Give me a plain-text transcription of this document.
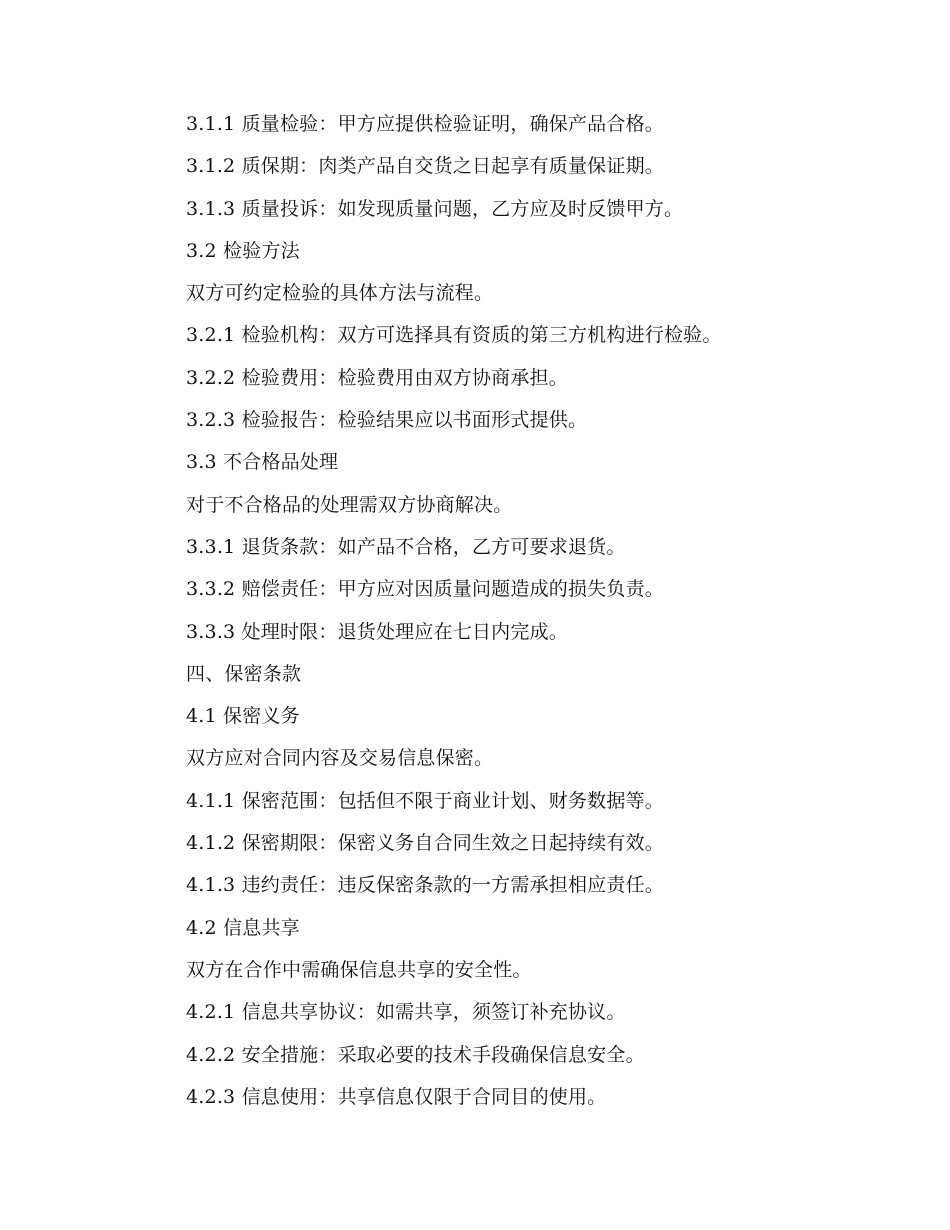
3.1.1 质量检验：甲方应提供检验证明，确保产品合格。
3.1.2 质保期：肉类产品自交货之日起享有质量保证期。
3.1.3 质量投诉：如发现质量问题，乙方应及时反馈甲方。
3.2 检验方法
双方可约定检验的具体方法与流程。
3.2.1 检验机构：双方可选择具有资质的第三方机构进行检验。
3.2.2 检验费用：检验费用由双方协商承担。
3.2.3 检验报告：检验结果应以书面形式提供。
3.3 不合格品处理
对于不合格品的处理需双方协商解决。
3.3.1 退货条款：如产品不合格，乙方可要求退货。
3.3.2 赔偿责任：甲方应对因质量问题造成的损失负责。
3.3.3 处理时限：退货处理应在七日内完成。
四、保密条款
4.1 保密义务
双方应对合同内容及交易信息保密。
4.1.1 保密范围：包括但不限于商业计划、财务数据等。
4.1.2 保密期限：保密义务自合同生效之日起持续有效。
4.1.3 违约责任：违反保密条款的一方需承担相应责任。
4.2 信息共享
双方在合作中需确保信息共享的安全性。
4.2.1 信息共享协议：如需共享，须签订补充协议。
4.2.2 安全措施：采取必要的技术手段确保信息安全。
4.2.3 信息使用：共享信息仅限于合同目的使用。
